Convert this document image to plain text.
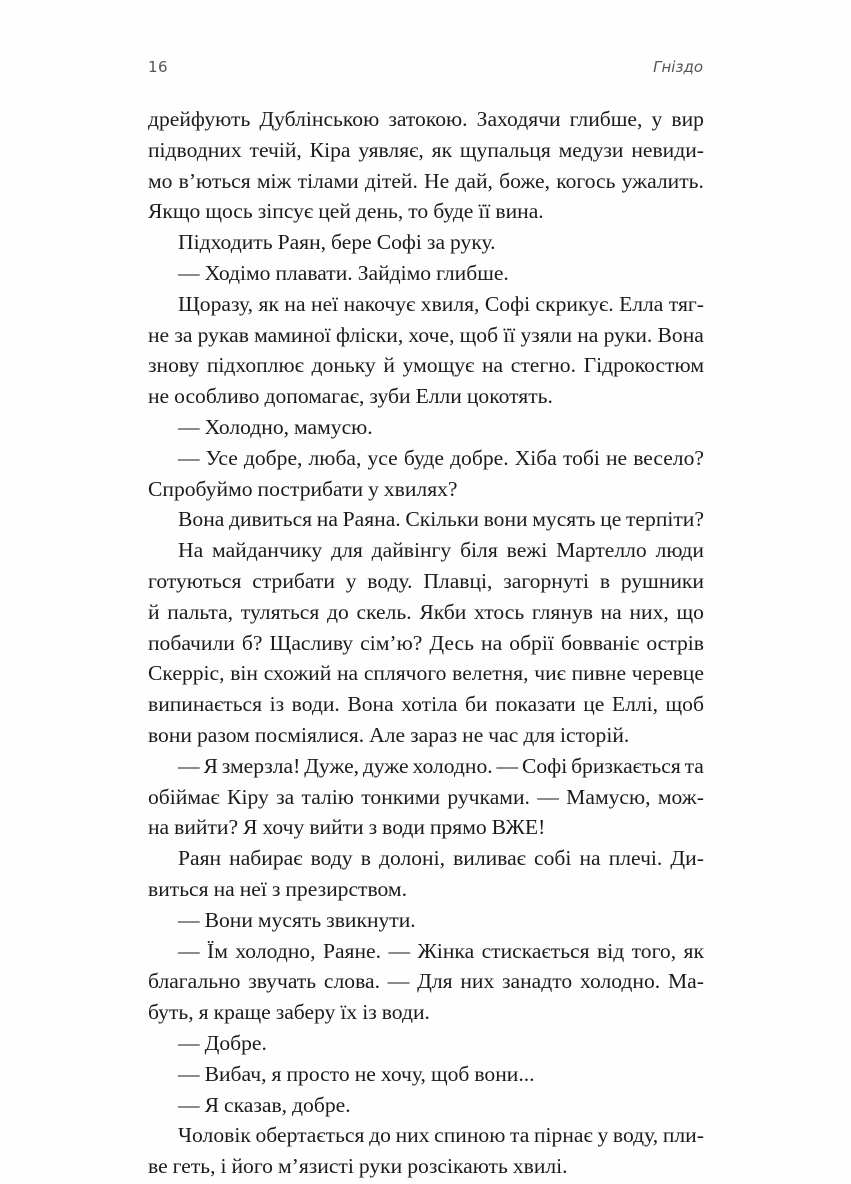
16	Гніздо
дрейфують Дублінською затокою. Заходячи глибше, у вир
підводних течій, Кіра уявляє, як щупальця медузи невиди-
мо в’ються між тілами дітей. Не дай, боже, когось ужалить.
Якщо щось зіпсує цей день, то буде її вина.
Підходить Раян, бере Софі за руку.
— Ходімо плавати. Зайдімо глибше.
Щоразу, як на неї накочує хвиля, Софі скрикує. Елла тяг-
не за рукав маминої фліски, хоче, щоб її узяли на руки. Вона
знову підхоплює доньку й умощує на стегно. Гідрокостюм
не особливо допомагає, зуби Елли цокотять.
— Холодно, мамусю.
— Усе добре, люба, усе буде добре. Хіба тобі не весело?
Спробуймо пострибати у хвилях?
Вона дивиться на Раяна. Скільки вони мусять це терпіти?
На майданчику для дайвінгу біля вежі Мартелло люди
готуються стрибати у воду. Плавці, загорнуті в рушники
й пальта, туляться до скель. Якби хтось глянув на них, що
побачили б? Щасливу сім’ю? Десь на обрії бовваніє острів
Скерріс, він схожий на сплячого велетня, чиє пивне черевце
випинається із води. Вона хотіла би показати це Еллі, щоб
вони разом посміялися. Але зараз не час для історій.
— Я змерзла! Дуже, дуже холодно. — Софі бризкається та
обіймає Кіру за талію тонкими ручками. — Мамусю, мож-
на вийти? Я хочу вийти з води прямо ВЖЕ!
Раян набирає воду в долоні, виливає собі на плечі. Ди-
виться на неї з презирством.
— Вони мусять звикнути.
— Їм холодно, Раяне. — Жінка стискається від того, як
благально звучать слова. — Для них занадто холодно. Ма-
буть, я краще заберу їх із води.
— Добре.
— Вибач, я просто не хочу, щоб вони...
— Я сказав, добре.
Чоловік обертається до них спиною та пірнає у воду, пли-
ве геть, і його м’язисті руки розсікають хвилі.
